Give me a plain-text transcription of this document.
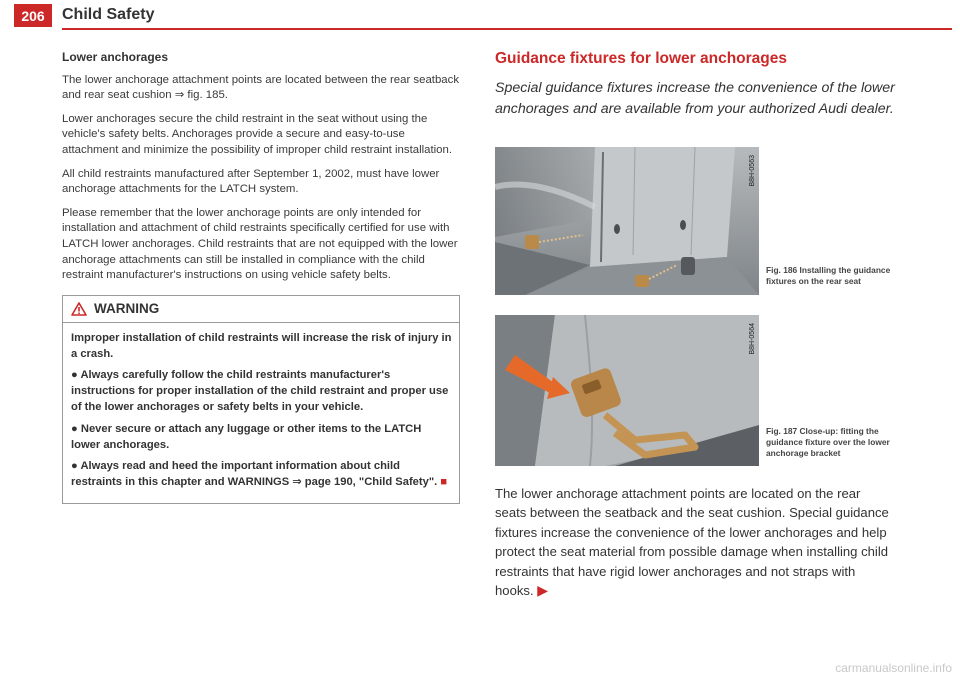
206	Child Safety
Lower anchorages

The lower anchorage attachment points are located between the rear seatback and rear seat cushion ⇒ fig. 185.

Lower anchorages secure the child restraint in the seat without using the vehicle's safety belts. Anchorages provide a secure and easy-to-use attachment and minimize the possibility of improper child restraint installation.

All child restraints manufactured after September 1, 2002, must have lower anchorage attachments for the LATCH system.

Please remember that the lower anchorage points are only intended for installation and attachment of child restraints specifically certified for use with LATCH lower anchorages. Child restraints that are not equipped with the lower anchorage attachments can still be installed in compliance with the child restraint manufacturer's instructions on using vehicle safety belts.

WARNING

Improper installation of child restraints will increase the risk of injury in a crash.

● Always carefully follow the child restraints manufacturer's instructions for proper installation of the child restraint and proper use of the lower anchorages or safety belts in your vehicle.

● Never secure or attach any luggage or other items to the LATCH lower anchorages.

● Always read and heed the important information about child restraints in this chapter and WARNINGS ⇒ page 190, "Child Safety". ■

Guidance fixtures for lower anchorages

Special guidance fixtures increase the convenience of the lower anchorages and are available from your authorized Audi dealer.

B8H-0563
Fig. 186 Installing the guidance fixtures on the rear seat
B8H-0564
Fig. 187 Close-up: fitting the guidance fixture over the lower anchorage bracket
The lower anchorage attachment points are located on the rear seats between the seatback and the seat cushion. Special guidance fixtures increase the convenience of the lower anchorages and help protect the seat material from possible damage when installing child restraints that have rigid lower anchorages and not straps with hooks. ▶
carmanualsonline.info
